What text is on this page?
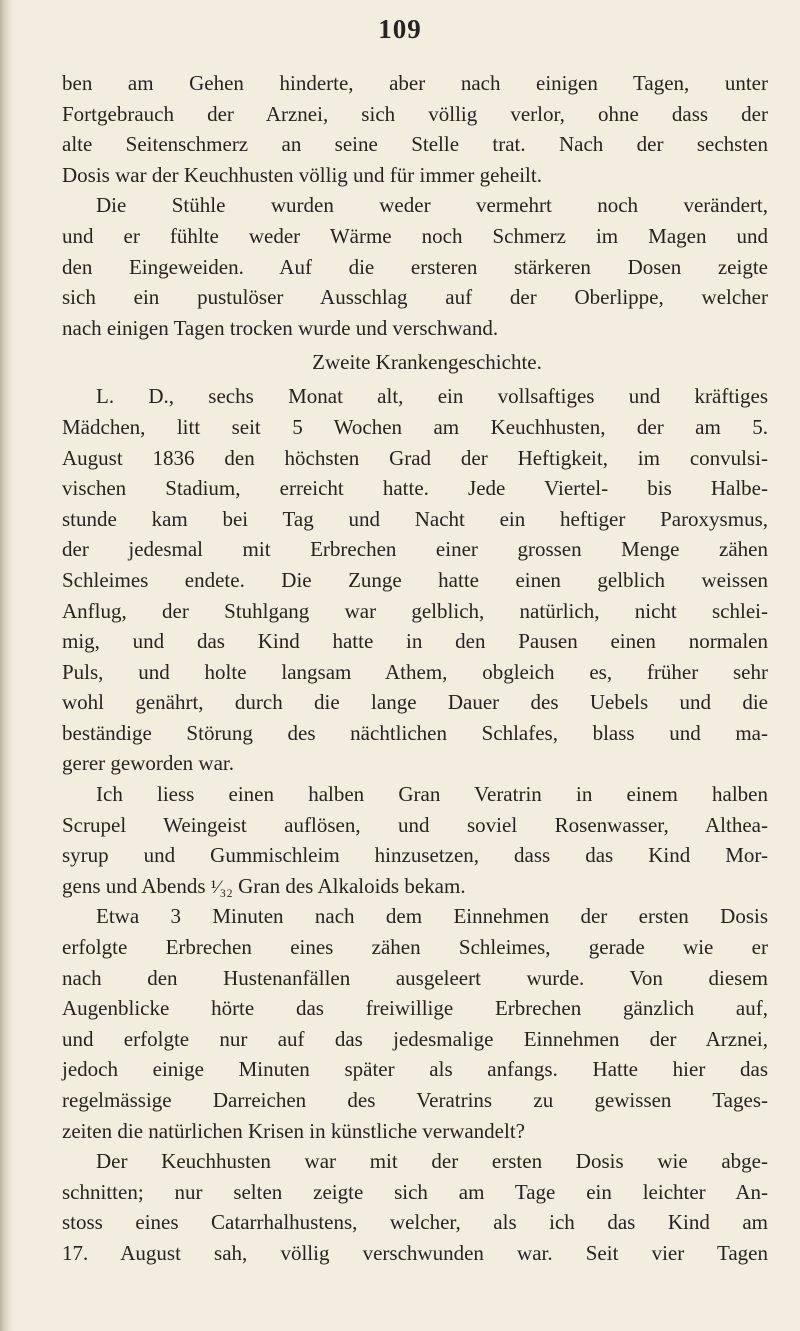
109
ben am Gehen hinderte, aber nach einigen Tagen, unter
Fortgebrauch der Arznei, sich völlig verlor, ohne dass der
alte Seitenschmerz an seine Stelle trat. Nach der sechsten
Dosis war der Keuchhusten völlig und für immer geheilt.
Die Stühle wurden weder vermehrt noch verändert,
und er fühlte weder Wärme noch Schmerz im Magen und
den Eingeweiden. Auf die ersteren stärkeren Dosen zeigte
sich ein pustulöser Ausschlag auf der Oberlippe, welcher
nach einigen Tagen trocken wurde und verschwand.
Zweite Krankengeschichte.
L. D., sechs Monat alt, ein vollsaftiges und kräftiges
Mädchen, litt seit 5 Wochen am Keuchhusten, der am 5.
August 1836 den höchsten Grad der Heftigkeit, im convulsi-
vischen Stadium, erreicht hatte. Jede Viertel- bis Halbe-
stunde kam bei Tag und Nacht ein heftiger Paroxysmus,
der jedesmal mit Erbrechen einer grossen Menge zähen
Schleimes endete. Die Zunge hatte einen gelblich weissen
Anflug, der Stuhlgang war gelblich, natürlich, nicht schlei-
mig, und das Kind hatte in den Pausen einen normalen
Puls, und holte langsam Athem, obgleich es, früher sehr
wohl genährt, durch die lange Dauer des Uebels und die
beständige Störung des nächtlichen Schlafes, blass und ma-
gerer geworden war.
Ich liess einen halben Gran Veratrin in einem halben
Scrupel Weingeist auflösen, und soviel Rosenwasser, Althea-
syrup und Gummischleim hinzusetzen, dass das Kind Mor-
gens und Abends ¹⁄₃₂ Gran des Alkaloids bekam.
Etwa 3 Minuten nach dem Einnehmen der ersten Dosis
erfolgte Erbrechen eines zähen Schleimes, gerade wie er
nach den Hustenanfällen ausgeleert wurde. Von diesem
Augenblicke hörte das freiwillige Erbrechen gänzlich auf,
und erfolgte nur auf das jedesmalige Einnehmen der Arznei,
jedoch einige Minuten später als anfangs. Hatte hier das
regelmässige Darreichen des Veratrins zu gewissen Tages-
zeiten die natürlichen Krisen in künstliche verwandelt?
Der Keuchhusten war mit der ersten Dosis wie abge-
schnitten; nur selten zeigte sich am Tage ein leichter An-
stoss eines Catarrhalhustens, welcher, als ich das Kind am
17. August sah, völlig verschwunden war. Seit vier Tagen
